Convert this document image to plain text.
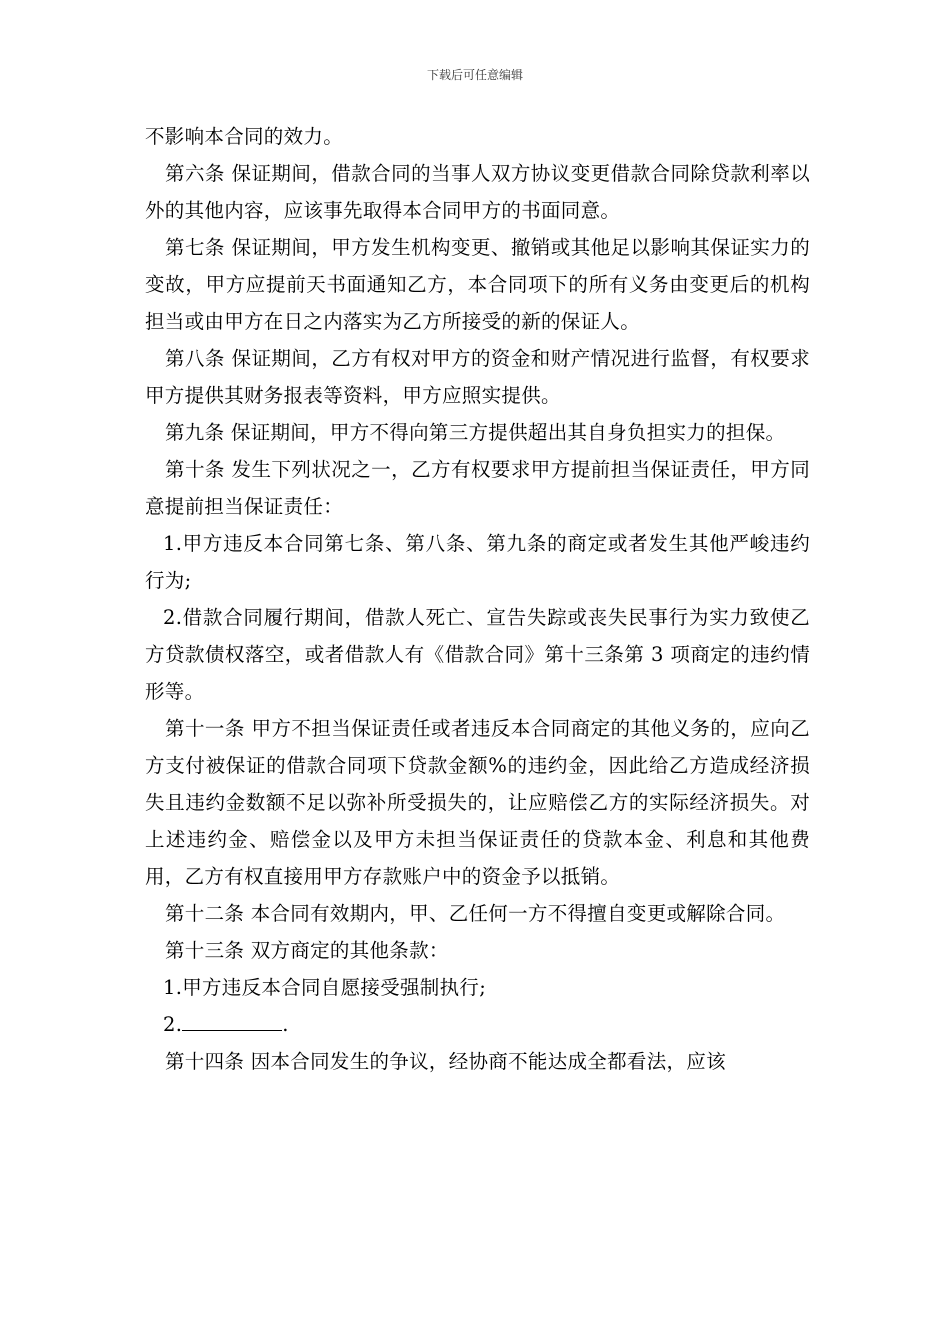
下载后可任意编辑

不影响本合同的效力。

第六条 保证期间，借款合同的当事人双方协议变更借款合同除贷款利率以外的其他内容，应该事先取得本合同甲方的书面同意。

第七条 保证期间，甲方发生机构变更、撤销或其他足以影响其保证实力的变故，甲方应提前天书面通知乙方，本合同项下的所有义务由变更后的机构担当或由甲方在日之内落实为乙方所接受的新的保证人。

第八条 保证期间，乙方有权对甲方的资金和财产情况进行监督，有权要求甲方提供其财务报表等资料，甲方应照实提供。

第九条 保证期间，甲方不得向第三方提供超出其自身负担实力的担保。

第十条 发生下列状况之一，乙方有权要求甲方提前担当保证责任，甲方同意提前担当保证责任：

1.甲方违反本合同第七条、第八条、第九条的商定或者发生其他严峻违约行为;

2.借款合同履行期间，借款人死亡、宣告失踪或丧失民事行为实力致使乙方贷款债权落空，或者借款人有《借款合同》第十三条第 3 项商定的违约情形等。

第十一条 甲方不担当保证责任或者违反本合同商定的其他义务的，应向乙方支付被保证的借款合同项下贷款金额%的违约金，因此给乙方造成经济损失且违约金数额不足以弥补所受损失的，让应赔偿乙方的实际经济损失。对上述违约金、赔偿金以及甲方未担当保证责任的贷款本金、利息和其他费用，乙方有权直接用甲方存款账户中的资金予以抵销。

第十二条 本合同有效期内，甲、乙任何一方不得擅自变更或解除合同。

第十三条 双方商定的其他条款：

1.甲方违反本合同自愿接受强制执行;

2.	.

第十四条 因本合同发生的争议，经协商不能达成全都看法，应该
